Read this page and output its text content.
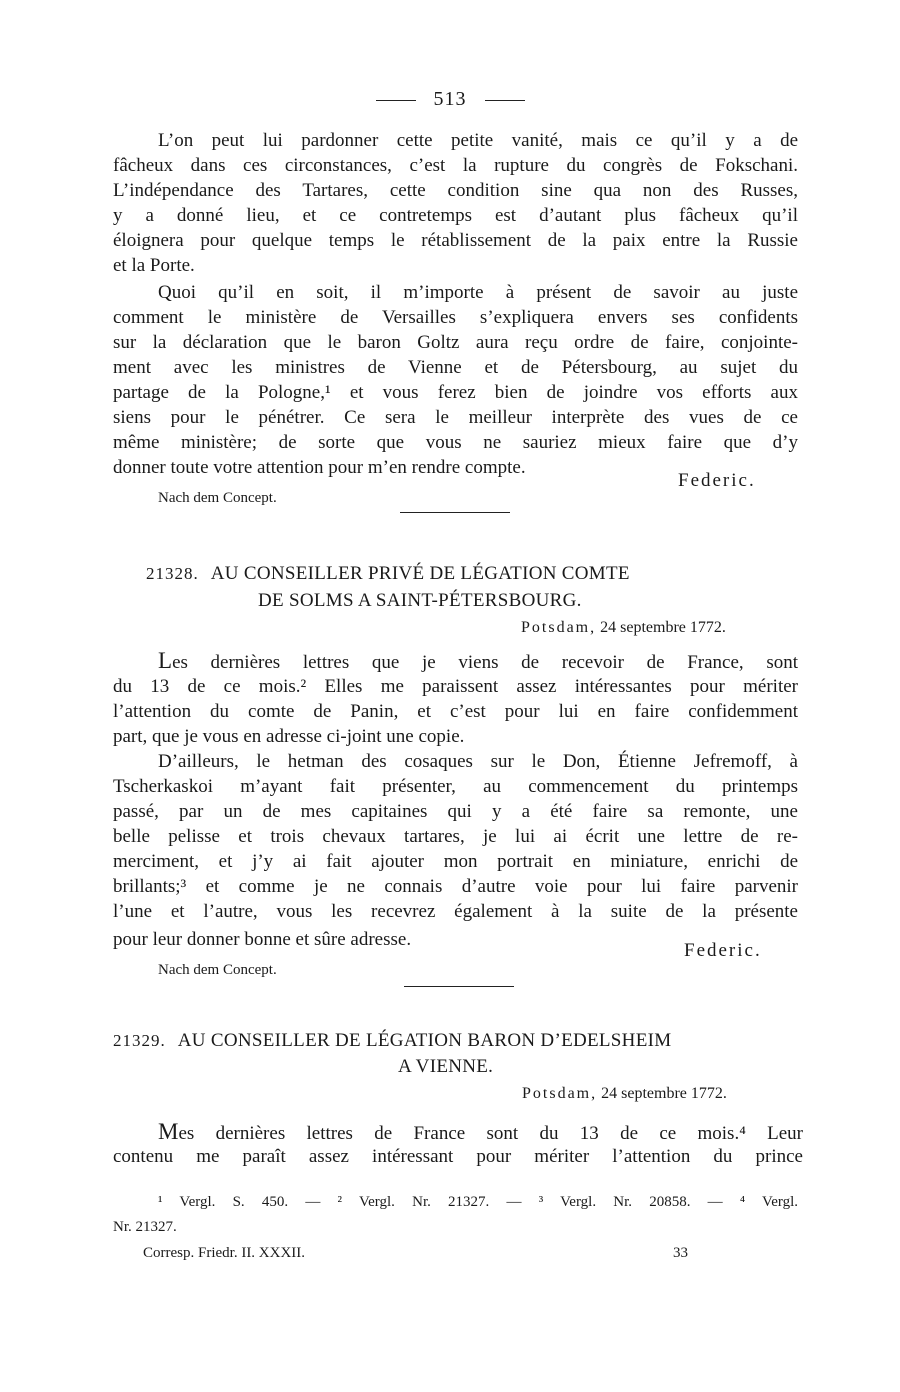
513
L’on peut lui pardonner cette petite vanité, mais ce qu’il y a de
fâcheux dans ces circonstances, c’est la rupture du congrès de Fokschani.
L’indépendance des Tartares, cette condition sine qua non des Russes,
y a donné lieu, et ce contretemps est d’autant plus fâcheux qu’il
éloignera pour quelque temps le rétablissement de la paix entre la Russie
et la Porte.
Quoi qu’il en soit, il m’importe à présent de savoir au juste
comment le ministère de Versailles s’expliquera envers ses confidents
sur la déclaration que le baron Goltz aura reçu ordre de faire, conjointe-
ment avec les ministres de Vienne et de Pétersbourg, au sujet du
partage de la Pologne,¹ et vous ferez bien de joindre vos efforts aux
siens pour le pénétrer. Ce sera le meilleur interprète des vues de ce
même ministère; de sorte que vous ne sauriez mieux faire que d’y
donner toute votre attention pour m’en rendre compte.
Federic.
Nach dem Concept.
21328. AU CONSEILLER PRIVÉ DE LÉGATION COMTE
DE SOLMS A SAINT-PÉTERSBOURG.
Potsdam, 24 septembre 1772.
L es dernières lettres que je viens de recevoir de France, sont
du 13 de ce mois.² Elles me paraissent assez intéressantes pour mériter
l’attention du comte de Panin, et c’est pour lui en faire confidemment
part, que je vous en adresse ci-joint une copie.
D’ailleurs, le hetman des cosaques sur le Don, Étienne Jefremoff, à
Tscherkaskoi m’ayant fait présenter, au commencement du printemps
passé, par un de mes capitaines qui y a été faire sa remonte, une
belle pelisse et trois chevaux tartares, je lui ai écrit une lettre de re-
merciment, et j’y ai fait ajouter mon portrait en miniature, enrichi de
brillants;³ et comme je ne connais d’autre voie pour lui faire parvenir
l’une et l’autre, vous les recevrez également à la suite de la présente
pour leur donner bonne et sûre adresse.
Federic.
Nach dem Concept.
21329. AU CONSEILLER DE LÉGATION BARON D’EDELSHEIM
A VIENNE.
Potsdam, 24 septembre 1772.
M es dernières lettres de France sont du 13 de ce mois.⁴ Leur
contenu me paraît assez intéressant pour mériter l’attention du prince
¹ Vergl. S. 450. — ² Vergl. Nr. 21327. — ³ Vergl. Nr. 20858. — ⁴ Vergl.
Nr. 21327.
Corresp. Friedr. II. XXXII.	33
